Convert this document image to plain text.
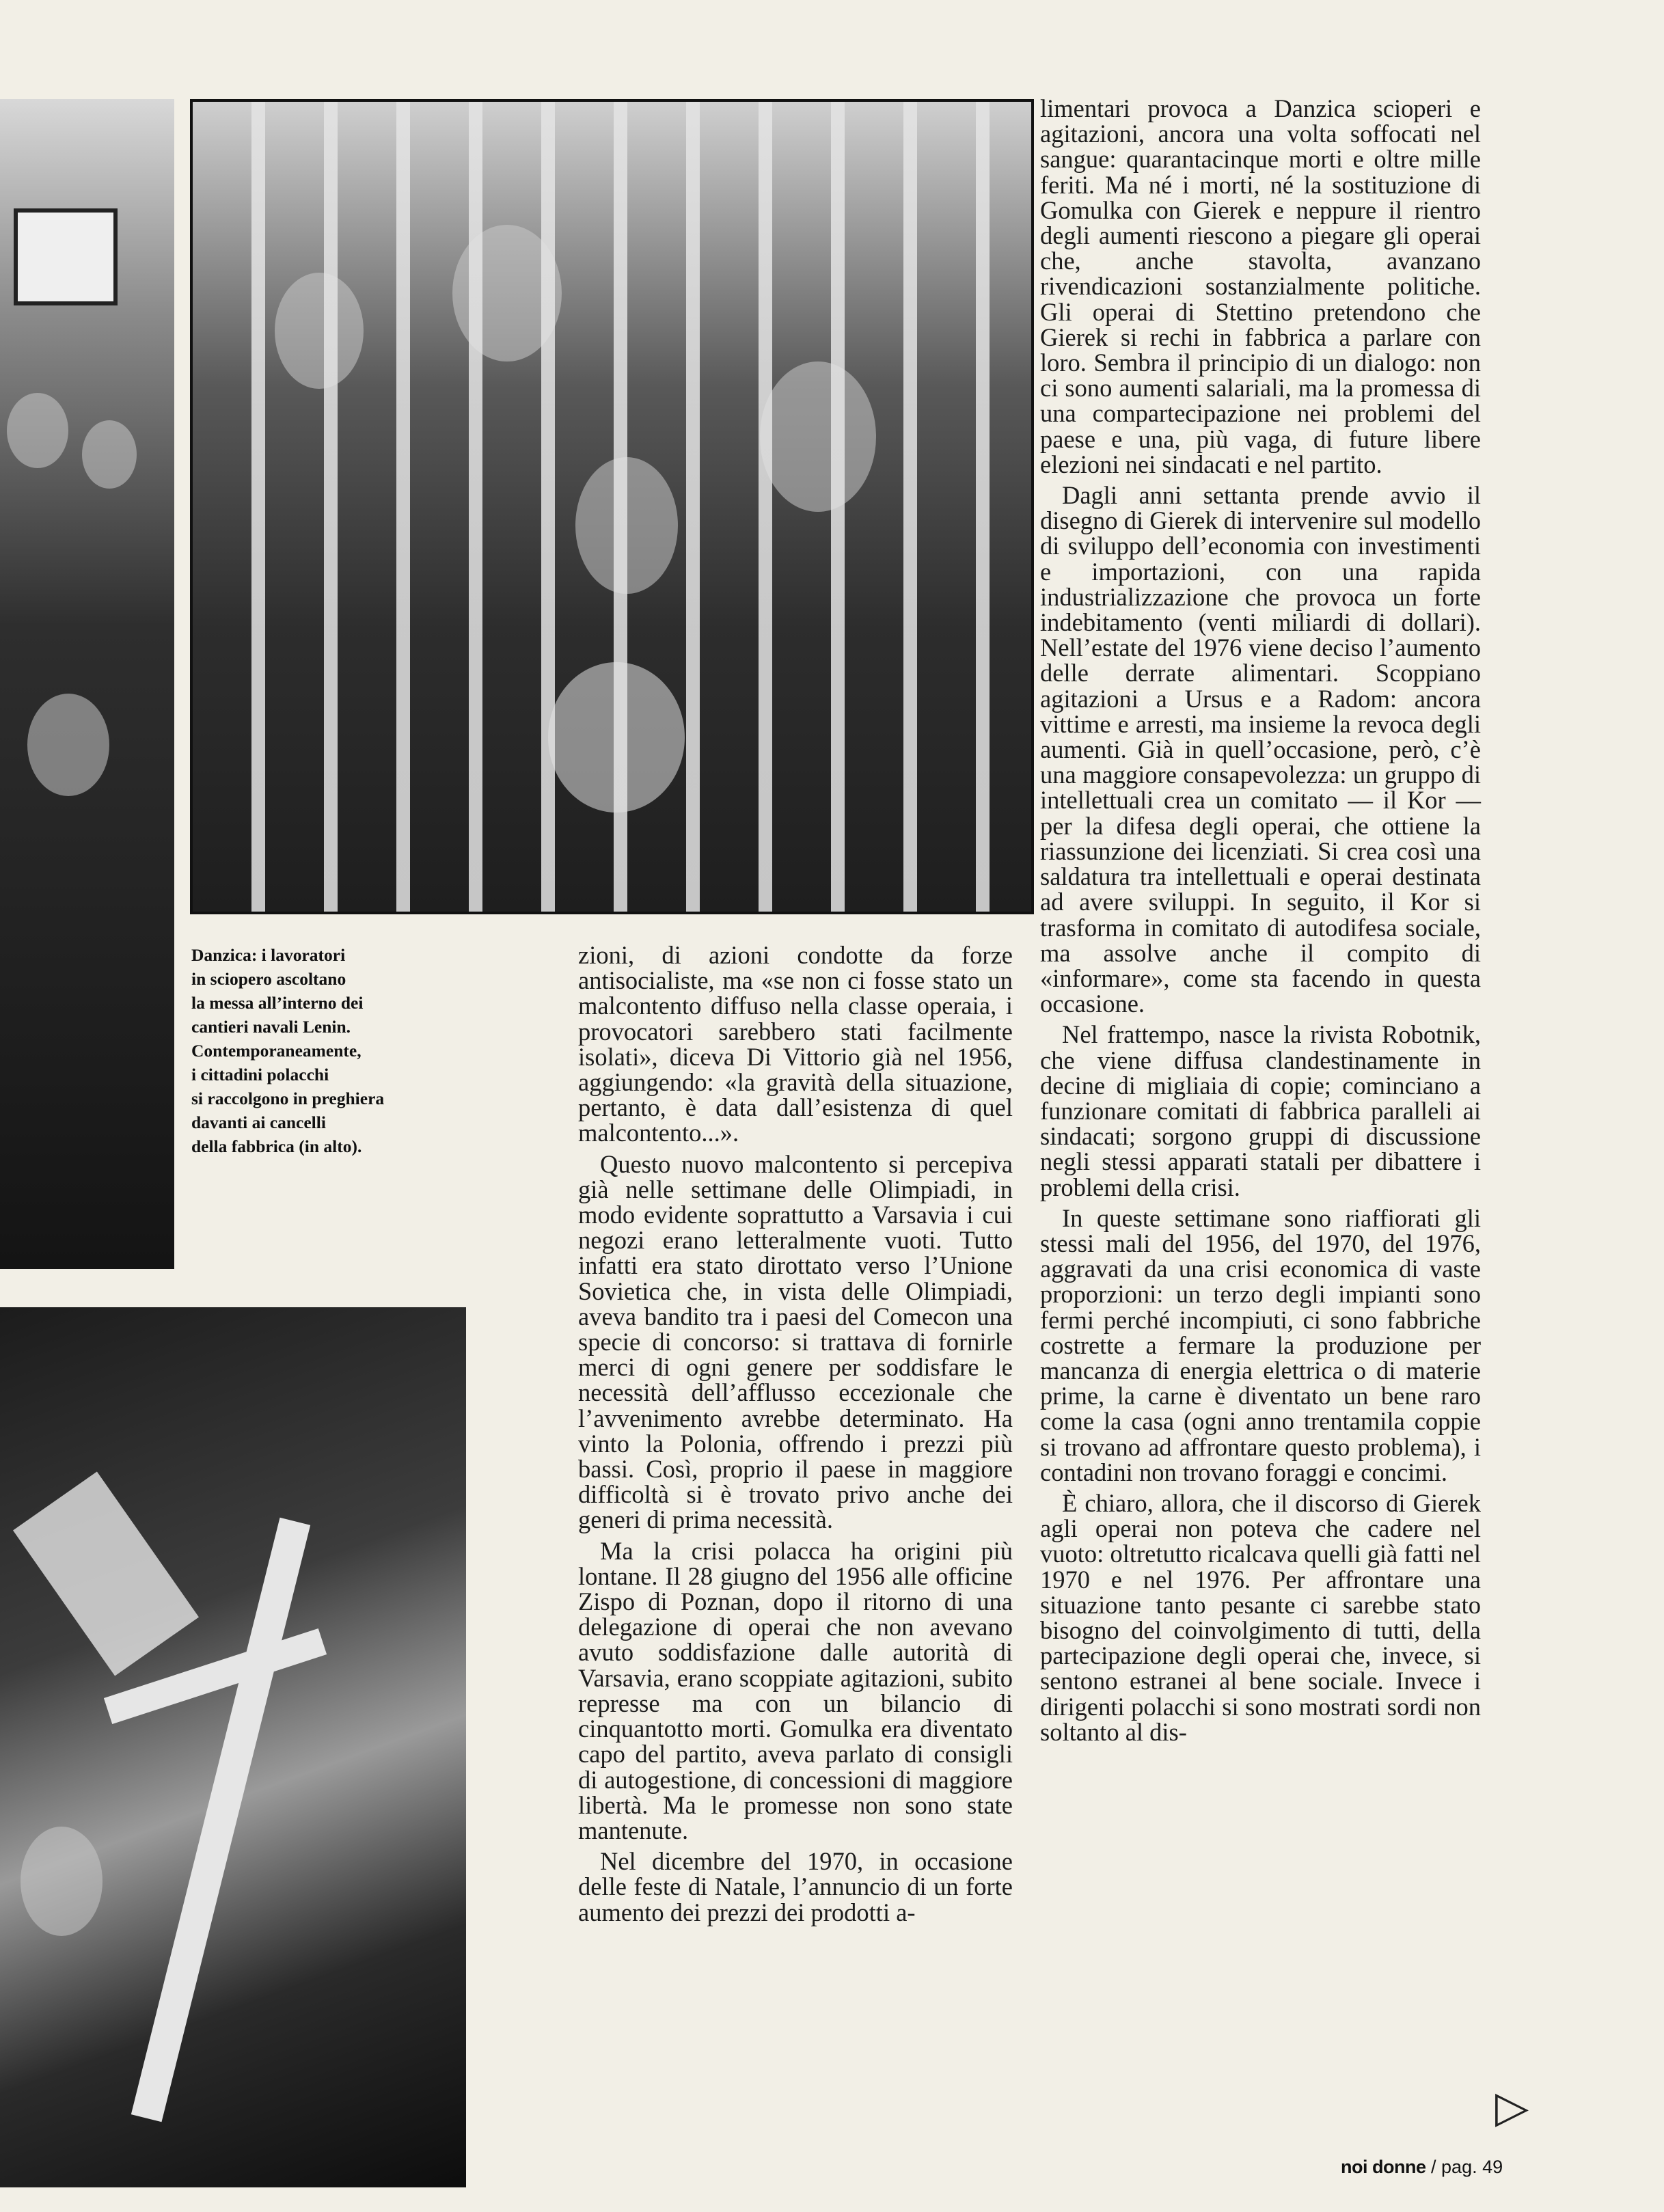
Danzica: i lavoratori
in sciopero ascoltano
la messa all’interno dei
cantieri navali Lenin.
Contemporaneamente,
i cittadini polacchi
si raccolgono in preghiera
davanti ai cancelli
della fabbrica (in alto).

zioni, di azioni condotte da forze antisocialiste, ma «se non ci fosse stato un malcontento diffuso nella classe operaia, i provocatori sarebbero stati facilmente isolati», diceva Di Vittorio già nel 1956, aggiungendo: «la gravità della situazione, pertanto, è data dall’esistenza di quel malcontento...».

Questo nuovo malcontento si percepiva già nelle settimane delle Olimpiadi, in modo evidente soprattutto a Varsavia i cui negozi erano letteralmente vuoti. Tutto infatti era stato dirottato verso l’Unione Sovietica che, in vista delle Olimpiadi, aveva bandito tra i paesi del Comecon una specie di concorso: si trattava di fornirle merci di ogni genere per soddisfare le necessità dell’afflusso eccezionale che l’avvenimento avrebbe determinato. Ha vinto la Polonia, offrendo i prezzi più bassi. Così, proprio il paese in maggiore difficoltà si è trovato privo anche dei generi di prima necessità.

Ma la crisi polacca ha origini più lontane. Il 28 giugno del 1956 alle officine Zispo di Poznan, dopo il ritorno di una delegazione di operai che non avevano avuto soddisfazione dalle autorità di Varsavia, erano scoppiate agitazioni, subito represse ma con un bilancio di cinquantotto morti. Gomulka era diventato capo del partito, aveva parlato di consigli di autogestione, di concessioni di maggiore libertà. Ma le promesse non sono state mantenute.

Nel dicembre del 1970, in occasione delle feste di Natale, l’annuncio di un forte aumento dei prezzi dei prodotti a-

limentari provoca a Danzica scioperi e agitazioni, ancora una volta soffocati nel sangue: quarantacinque morti e oltre mille feriti. Ma né i morti, né la sostituzione di Gomulka con Gierek e neppure il rientro degli aumenti riescono a piegare gli operai che, anche stavolta, avanzano rivendicazioni sostanzialmente politiche. Gli operai di Stettino pretendono che Gierek si rechi in fabbrica a parlare con loro. Sembra il principio di un dialogo: non ci sono aumenti salariali, ma la promessa di una compartecipazione nei problemi del paese e una, più vaga, di future libere elezioni nei sindacati e nel partito.

Dagli anni settanta prende avvio il disegno di Gierek di intervenire sul modello di sviluppo dell’economia con investimenti e importazioni, con una rapida industrializzazione che provoca un forte indebitamento (venti miliardi di dollari). Nell’estate del 1976 viene deciso l’aumento delle derrate alimentari. Scoppiano agitazioni a Ursus e a Radom: ancora vittime e arresti, ma insieme la revoca degli aumenti. Già in quell’occasione, però, c’è una maggiore consapevolezza: un gruppo di intellettuali crea un comitato — il Kor — per la difesa degli operai, che ottiene la riassunzione dei licenziati. Si crea così una saldatura tra intellettuali e operai destinata ad avere sviluppi. In seguito, il Kor si trasforma in comitato di autodifesa sociale, ma assolve anche il compito di «informare», come sta facendo in questa occasione.

Nel frattempo, nasce la rivista Robotnik, che viene diffusa clandestinamente in decine di migliaia di copie; cominciano a funzionare comitati di fabbrica paralleli ai sindacati; sorgono gruppi di discussione negli stessi apparati statali per dibattere i problemi della crisi.

In queste settimane sono riaffiorati gli stessi mali del 1956, del 1970, del 1976, aggravati da una crisi economica di vaste proporzioni: un terzo degli impianti sono fermi perché incompiuti, ci sono fabbriche costrette a fermare la produzione per mancanza di energia elettrica o di materie prime, la carne è diventato un bene raro come la casa (ogni anno trentamila coppie si trovano ad affrontare questo problema), i contadini non trovano foraggi e concimi.

È chiaro, allora, che il discorso di Gierek agli operai non poteva che cadere nel vuoto: oltretutto ricalcava quelli già fatti nel 1970 e nel 1976. Per affrontare una situazione tanto pesante ci sarebbe stato bisogno del coinvolgimento di tutti, della partecipazione degli operai che, invece, si sentono estranei al bene sociale. Invece i dirigenti polacchi si sono mostrati sordi non soltanto al dis-

▷
noi donne / pag. 49
